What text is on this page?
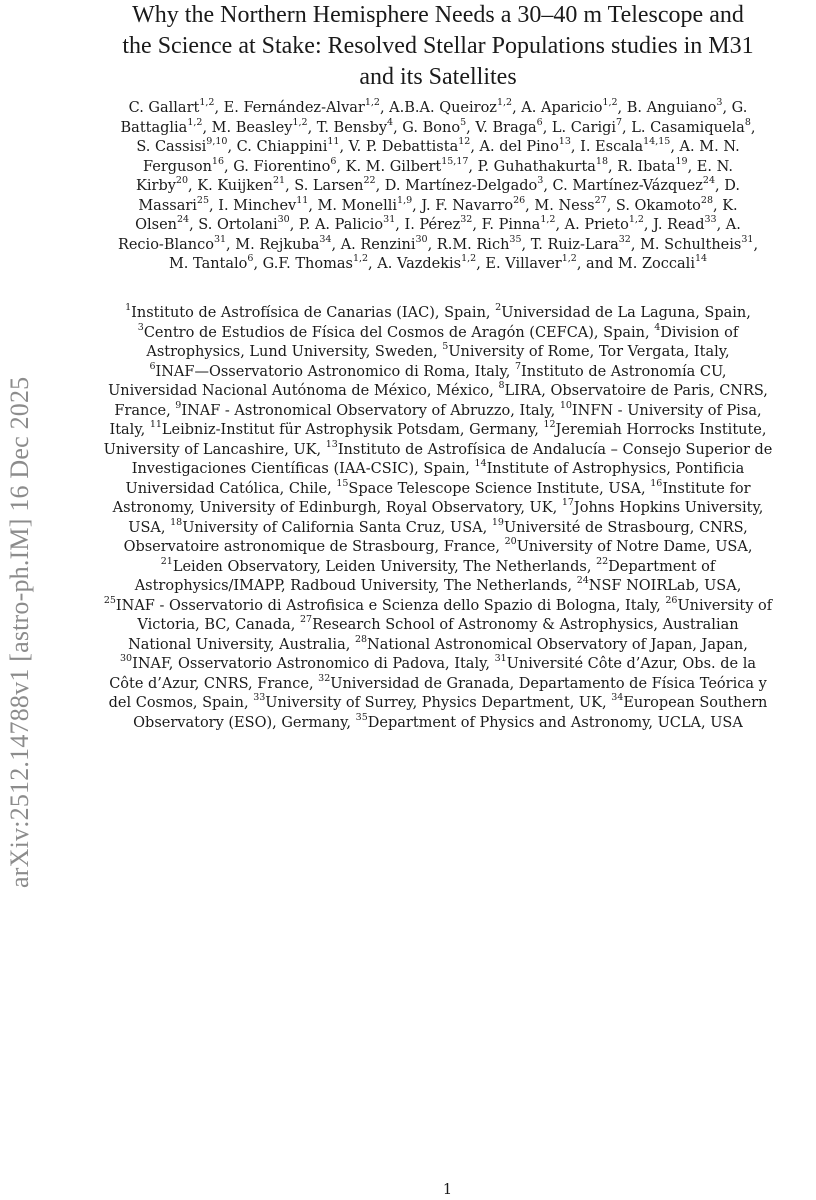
arXiv:2512.14788v1 [astro-ph.IM] 16 Dec 2025
Why the Northern Hemisphere Needs a 30–40 m Telescope and
the Science at Stake: Resolved Stellar Populations studies in M31
and its Satellites
C. Gallart$^{1,2}$, E. Fernández-Alvar$^{1,2}$, A.B.A. Queiroz$^{1,2}$, A. Aparicio$^{1,2}$, B. Anguiano$^3$, G.
Battaglia$^{1,2}$, M. Beasley$^{1,2}$, T. Bensby$^4$, G. Bono$^5$, V. Braga$^6$, L. Carigi$^7$, L. Casamiquela$^8$,
S. Cassisi$^{9,10}$, C. Chiappini$^{11}$, V. P. Debattista$^{12}$, A. del Pino$^{13}$, I. Escala$^{14,15}$, A. M. N.
Ferguson$^{16}$, G. Fiorentino$^6$, K. M. Gilbert$^{15,17}$, P. Guhathakurta$^{18}$, R. Ibata$^{19}$, E. N.
Kirby$^{20}$, K. Kuijken$^{21}$, S. Larsen$^{22}$, D. Martínez-Delgado$^3$, C. Martínez-Vázquez$^{24}$, D.
Massari$^{25}$, I. Minchev$^{11}$, M. Monelli$^{1,9}$, J. F. Navarro$^{26}$, M. Ness$^{27}$, S. Okamoto$^{28}$, K.
Olsen$^{24}$, S. Ortolani$^{30}$, P. A. Palicio$^{31}$, I. Pérez$^{32}$, F. Pinna$^{1,2}$, A. Prieto$^{1,2}$, J. Read$^{33}$, A.
Recio-Blanco$^{31}$, M. Rejkuba$^{34}$, A. Renzini$^{30}$, R.M. Rich$^{35}$, T. Ruiz-Lara$^{32}$, M. Schultheis$^{31}$,
M. Tantalo$^6$, G.F. Thomas$^{1,2}$, A. Vazdekis$^{1,2}$, E. Villaver$^{1,2}$, and M. Zoccali$^{14}$
$^1$Instituto de Astrofísica de Canarias (IAC), Spain, $^2$Universidad de La Laguna, Spain,
$^3$Centro de Estudios de Física del Cosmos de Aragón (CEFCA), Spain, $^4$Division of
Astrophysics, Lund University, Sweden, $^5$University of Rome, Tor Vergata, Italy,
$^6$INAF—Osservatorio Astronomico di Roma, Italy, $^7$Instituto de Astronomía CU,
Universidad Nacional Autónoma de México, México, $^8$LIRA, Observatoire de Paris, CNRS,
France, $^9$INAF - Astronomical Observatory of Abruzzo, Italy, $^{10}$INFN - University of Pisa,
Italy, $^{11}$Leibniz-Institut für Astrophysik Potsdam, Germany, $^{12}$Jeremiah Horrocks Institute,
University of Lancashire, UK, $^{13}$Instituto de Astrofísica de Andalucía – Consejo Superior de
Investigaciones Científicas (IAA-CSIC), Spain, $^{14}$Institute of Astrophysics, Pontificia
Universidad Católica, Chile, $^{15}$Space Telescope Science Institute, USA, $^{16}$Institute for
Astronomy, University of Edinburgh, Royal Observatory, UK, $^{17}$Johns Hopkins University,
USA, $^{18}$University of California Santa Cruz, USA, $^{19}$Université de Strasbourg, CNRS,
Observatoire astronomique de Strasbourg, France, $^{20}$University of Notre Dame, USA,
$^{21}$Leiden Observatory, Leiden University, The Netherlands, $^{22}$Department of
Astrophysics/IMAPP, Radboud University, The Netherlands, $^{24}$NSF NOIRLab, USA,
$^{25}$INAF - Osservatorio di Astrofisica e Scienza dello Spazio di Bologna, Italy, $^{26}$University of
Victoria, BC, Canada, $^{27}$Research School of Astronomy & Astrophysics, Australian
National University, Australia, $^{28}$National Astronomical Observatory of Japan, Japan,
$^{30}$INAF, Osservatorio Astronomico di Padova, Italy, $^{31}$Université Côte d’Azur, Obs. de la
Côte d’Azur, CNRS, France, $^{32}$Universidad de Granada, Departamento de Física Teórica y
del Cosmos, Spain, $^{33}$University of Surrey, Physics Department, UK, $^{34}$European Southern
Observatory (ESO), Germany, $^{35}$Department of Physics and Astronomy, UCLA, USA
1
